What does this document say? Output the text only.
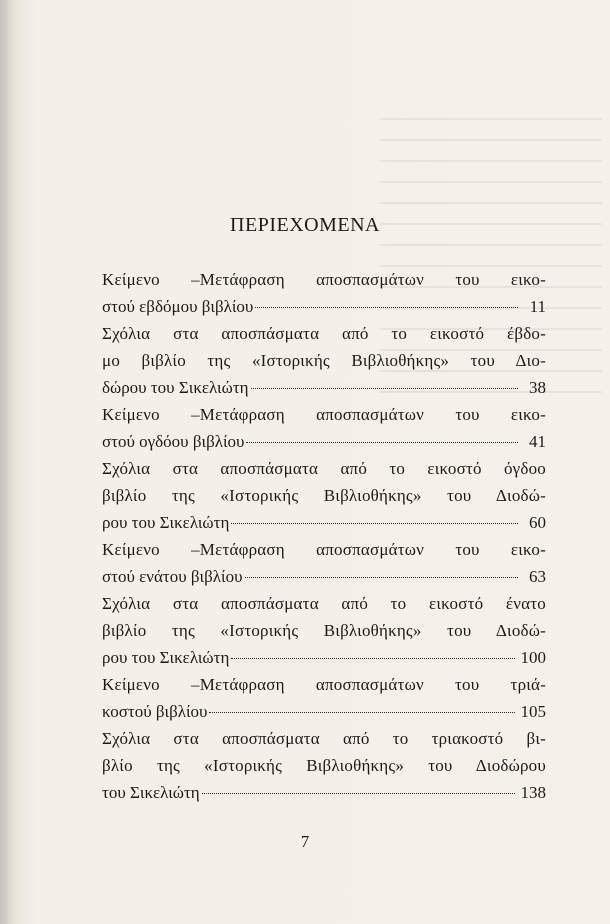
ΠΕΡΙΕΧΟΜΕΝΑ
Κείμενο –Μετάφραση αποσπασμάτων του εικο-
στού εβδόμου βιβλίου	11
Σχόλια στα αποσπάσματα από το εικοστό έβδο-
μο βιβλίο της «Ιστορικής Βιβλιοθήκης» του Διο-
δώρου του Σικελιώτη	38
Κείμενο –Μετάφραση αποσπασμάτων του εικο-
στού ογδόου βιβλίου	41
Σχόλια στα αποσπάσματα από το εικοστό όγδοο
βιβλίο της «Ιστορικής Βιβλιοθήκης» του Διοδώ-
ρου του Σικελιώτη	60
Κείμενο –Μετάφραση αποσπασμάτων του εικο-
στού ενάτου βιβλίου	63
Σχόλια στα αποσπάσματα από το εικοστό ένατο
βιβλίο της «Ιστορικής Βιβλιοθήκης» του Διοδώ-
ρου του Σικελιώτη	100
Κείμενο –Μετάφραση αποσπασμάτων του τριά-
κοστού βιβλίου	105
Σχόλια στα αποσπάσματα από το τριακοστό βι-
βλίο της «Ιστορικής Βιβλιοθήκης» του Διοδώρου
του Σικελιώτη	138
7
